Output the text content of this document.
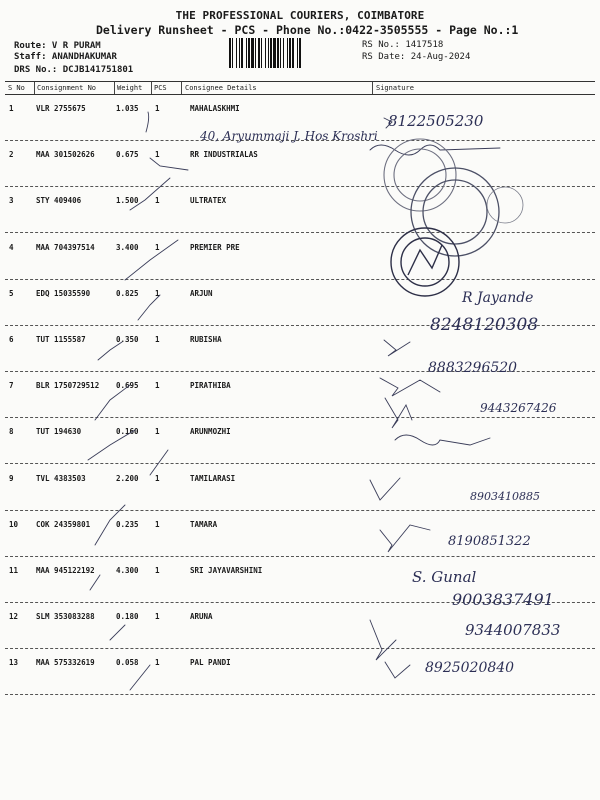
THE PROFESSIONAL COURIERS, COIMBATORE
Delivery Runsheet - PCS - Phone No.:0422-3505555 - Page No.:1
Route: V R PURAM
Staff: ANANDHAKUMAR
DRS No.: DCJB141751801
RS No.: 1417518
RS Date: 24-Aug-2024
S No Consignment No	Weight PCS	Consignee Details	Signature
1	VLR 2755675	1.035 1	MAHALASKHMI
2	MAA 301502626	0.675 1	RR INDUSTRIALAS
3	STY 409406	1.500 1	ULTRATEX
4	MAA 704397514	3.400 1	PREMIER PRE
5	EDQ 15035590	0.825 1	ARJUN
6	TUT 1155587	0.350 1	RUBISHA
7	BLR 1750729512 0.695 1	PIRATHIBA
8	TUT 194630	0.160 1	ARUNMOZHI
9	TVL 4383503	2.200 1	TAMILARASI
10 COK 24359801	0.235 1	TAMARA
11 MAA 945122192	4.300 1	SRI JAYAVARSHINI
12 SLM 353083288	0.180 1	ARUNA
13 MAA 575332619	0.058 1	PAL PANDI
8122505230
40, Aryummaji J. Hos Kroshri
R Jayande
8248120308
8883296520
9443267426
8903410885
8190851322
S. Gunal
9003837491
9344007833
8925020840
